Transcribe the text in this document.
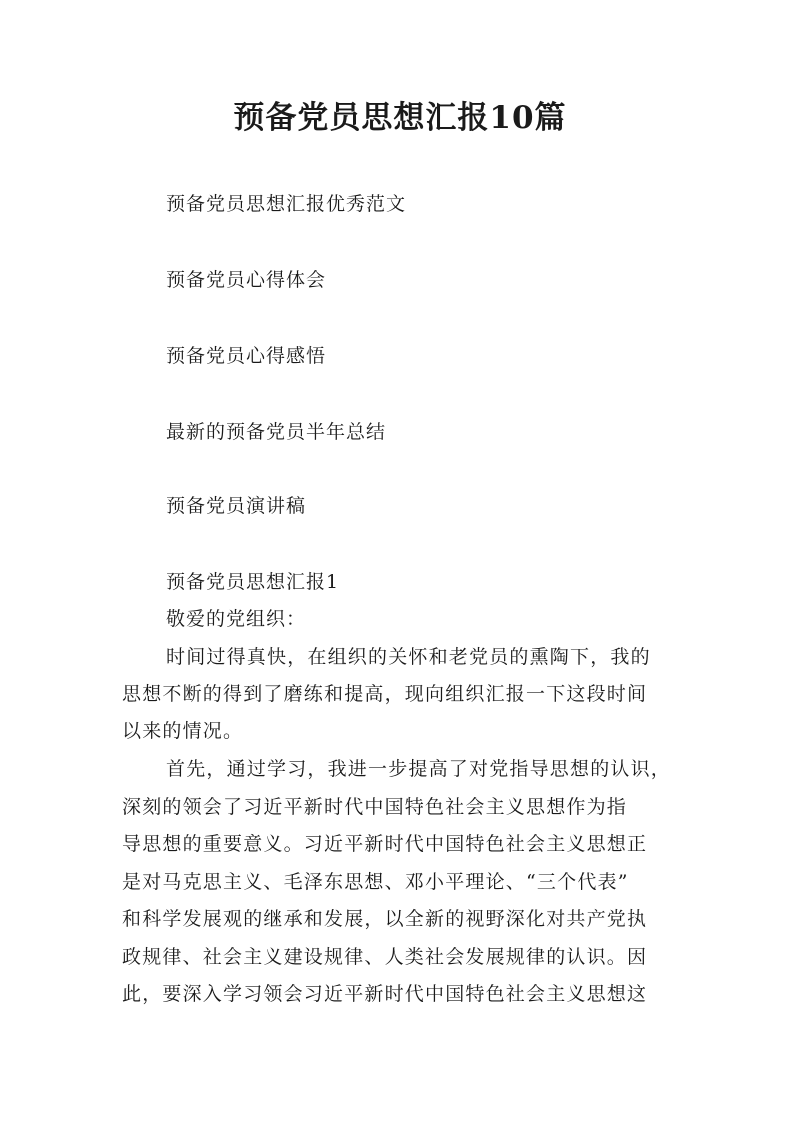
预备党员思想汇报10篇
预备党员思想汇报优秀范文
预备党员心得体会
预备党员心得感悟
最新的预备党员半年总结
预备党员演讲稿
预备党员思想汇报1
敬爱的党组织：
时间过得真快，在组织的关怀和老党员的熏陶下，我的
思想不断的得到了磨练和提高，现向组织汇报一下这段时间
以来的情况。
首先，通过学习，我进一步提高了对党指导思想的认识，
深刻的领会了习近平新时代中国特色社会主义思想作为指
导思想的重要意义。习近平新时代中国特色社会主义思想正
是对马克思主义、毛泽东思想、邓小平理论、“三个代表”
和科学发展观的继承和发展，以全新的视野深化对共产党执
政规律、社会主义建设规律、人类社会发展规律的认识。因
此，要深入学习领会习近平新时代中国特色社会主义思想这
